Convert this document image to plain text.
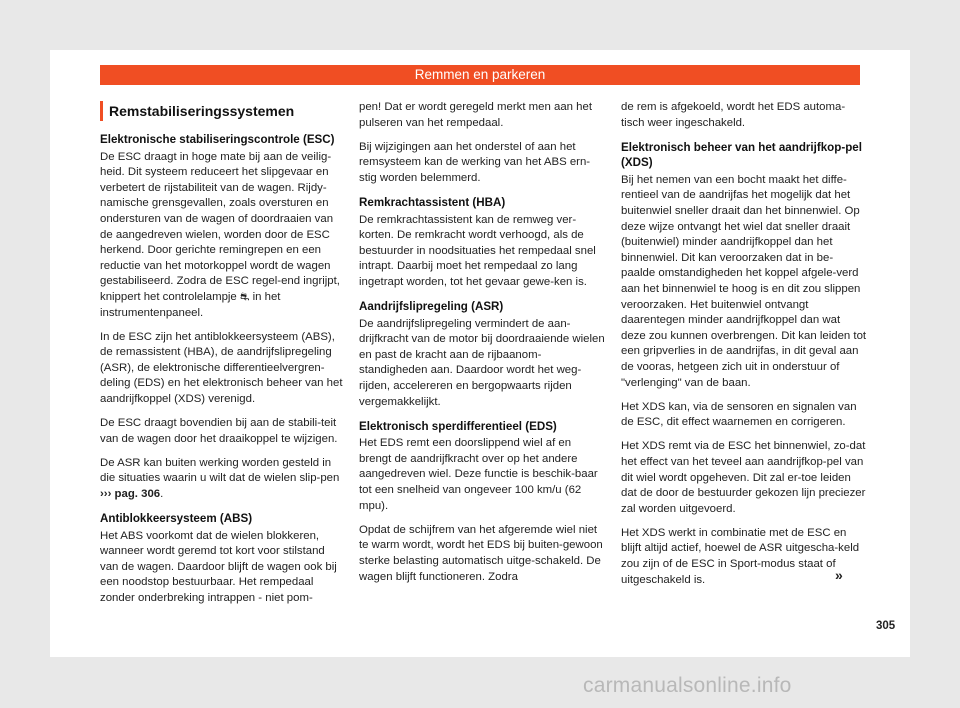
Remmen en parkeren
Remstabiliseringssystemen
Elektronische stabiliseringscontrole (ESC)

De ESC draagt in hoge mate bij aan de veilig-heid. Dit systeem reduceert het slipgevaar en verbetert de rijstabiliteit van de wagen. Rijdy-namische grensgevallen, zoals oversturen en ondersturen van de wagen of doordraaien van de aangedreven wielen, worden door de ESC herkend. Door gerichte remingrepen en een reductie van het motorkoppel wordt de wagen gestabiliseerd. Zodra de ESC regel-end ingrijpt, knippert het controlelampje ⛐ in het instrumentenpaneel.

In de ESC zijn het antiblokkeersysteem (ABS), de remassistent (HBA), de aandrijfslipregeling (ASR), de elektronische differentieelvergren-deling (EDS) en het elektronisch beheer van het aandrijfkoppel (XDS) verenigd.

De ESC draagt bovendien bij aan de stabili-teit van de wagen door het draaikoppel te wijzigen.

De ASR kan buiten werking worden gesteld in die situaties waarin u wilt dat de wielen slip-pen ››› pag. 306.

Antiblokkeersysteem (ABS)

Het ABS voorkomt dat de wielen blokkeren, wanneer wordt geremd tot kort voor stilstand van de wagen. Daardoor blijft de wagen ook bij een noodstop bestuurbaar. Het rempedaal zonder onderbreking intrappen - niet pom-

pen! Dat er wordt geregeld merkt men aan het pulseren van het rempedaal.

Bij wijzigingen aan het onderstel of aan het remsysteem kan de werking van het ABS ern-stig worden belemmerd.

Remkrachtassistent (HBA)

De remkrachtassistent kan de remweg ver-korten. De remkracht wordt verhoogd, als de bestuurder in noodsituaties het rempedaal snel intrapt. Daarbij moet het rempedaal zo lang ingetrapt worden, tot het gevaar gewe-ken is.

Aandrijfslipregeling (ASR)

De aandrijfslipregeling vermindert de aan-drijfkracht van de motor bij doordraaiende wielen en past de kracht aan de rijbaanom-standigheden aan. Daardoor wordt het weg-rijden, accelereren en bergopwaarts rijden vergemakkelijkt.

Elektronisch sperdifferentieel (EDS)

Het EDS remt een doorslippend wiel af en brengt de aandrijfkracht over op het andere aangedreven wiel. Deze functie is beschik-baar tot een snelheid van ongeveer 100 km/u (62 mpu).

Opdat de schijfrem van het afgeremde wiel niet te warm wordt, wordt het EDS bij buiten-gewoon sterke belasting automatisch uitge-schakeld. De wagen blijft functioneren. Zodra

de rem is afgekoeld, wordt het EDS automa-tisch weer ingeschakeld.

Elektronisch beheer van het aandrijfkop-pel (XDS)

Bij het nemen van een bocht maakt het diffe-rentieel van de aandrijfas het mogelijk dat het buitenwiel sneller draait dan het binnenwiel. Op deze wijze ontvangt het wiel dat sneller draait (buitenwiel) minder aandrijfkoppel dan het binnenwiel. Dit kan veroorzaken dat in be-paalde omstandigheden het koppel afgele-verd aan het binnenwiel te hoog is en dit zou slippen veroorzaken. Het buitenwiel ontvangt daarentegen minder aandrijfkoppel dan wat deze zou kunnen overbrengen. Dit kan leiden tot een gripverlies in de aandrijfas, in dit geval aan de vooras, hetgeen zich uit in onderstuur of "verlenging" van de baan.

Het XDS kan, via de sensoren en signalen van de ESC, dit effect waarnemen en corrigeren.

Het XDS remt via de ESC het binnenwiel, zo-dat het effect van het teveel aan aandrijfkop-pel van dit wiel wordt opgeheven. Dit zal er-toe leiden dat de door de bestuurder gekozen lijn preciezer zal worden uitgevoerd.

Het XDS werkt in combinatie met de ESC en blijft altijd actief, hoewel de ASR uitgescha-keld zou zijn of de ESC in Sport-modus staat of uitgeschakeld is.	»
305
carmanualsonline.info
